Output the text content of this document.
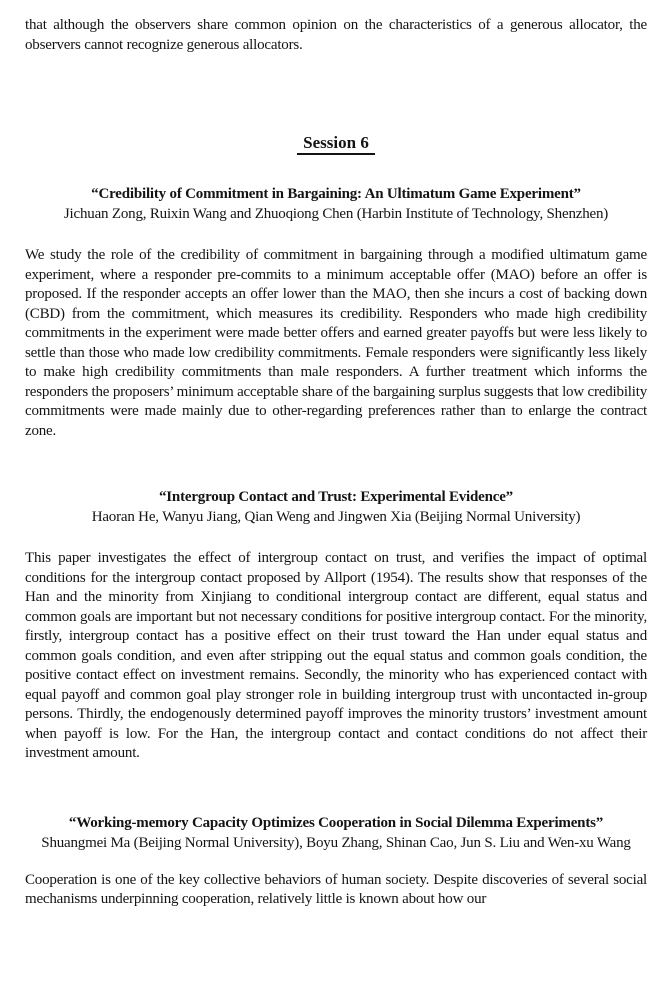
that although the observers share common opinion on the characteristics of a generous allocator, the observers cannot recognize generous allocators.

Session 6
“Credibility of Commitment in Bargaining: An Ultimatum Game Experiment”
Jichuan Zong, Ruixin Wang and Zhuoqiong Chen (Harbin Institute of Technology, Shenzhen)

We study the role of the credibility of commitment in bargaining through a modified ultimatum game experiment, where a responder pre-commits to a minimum acceptable offer (MAO) before an offer is proposed. If the responder accepts an offer lower than the MAO, then she incurs a cost of backing down (CBD) from the commitment, which measures its credibility. Responders who made high credibility commitments in the experiment were made better offers and earned greater payoffs but were less likely to settle than those who made low credibility commitments. Female responders were significantly less likely to make high credibility commitments than male responders. A further treatment which informs the responders the proposers’ minimum acceptable share of the bargaining surplus suggests that low credibility commitments were made mainly due to other-regarding preferences rather than to enlarge the contract zone.

“Intergroup Contact and Trust: Experimental Evidence”
Haoran He, Wanyu Jiang, Qian Weng and Jingwen Xia (Beijing Normal University)

This paper investigates the effect of intergroup contact on trust, and verifies the impact of optimal conditions for the intergroup contact proposed by Allport (1954). The results show that responses of the Han and the minority from Xinjiang to conditional intergroup contact are different, equal status and common goals are important but not necessary conditions for positive intergroup contact. For the minority, firstly, intergroup contact has a positive effect on their trust toward the Han under equal status and common goals condition, and even after stripping out the equal status and common goals condition, the positive contact effect on investment remains. Secondly, the minority who has experienced contact with equal payoff and common goal play stronger role in building intergroup trust with uncontacted in-group persons. Thirdly, the endogenously determined payoff improves the minority trustors’ investment amount when payoff is low. For the Han, the intergroup contact and contact conditions do not affect their investment amount.

“Working-memory Capacity Optimizes Cooperation in Social Dilemma Experiments”
Shuangmei Ma (Beijing Normal University), Boyu Zhang, Shinan Cao, Jun S. Liu and Wen-xu Wang

Cooperation is one of the key collective behaviors of human society. Despite discoveries of several social mechanisms underpinning cooperation, relatively little is known about how our
